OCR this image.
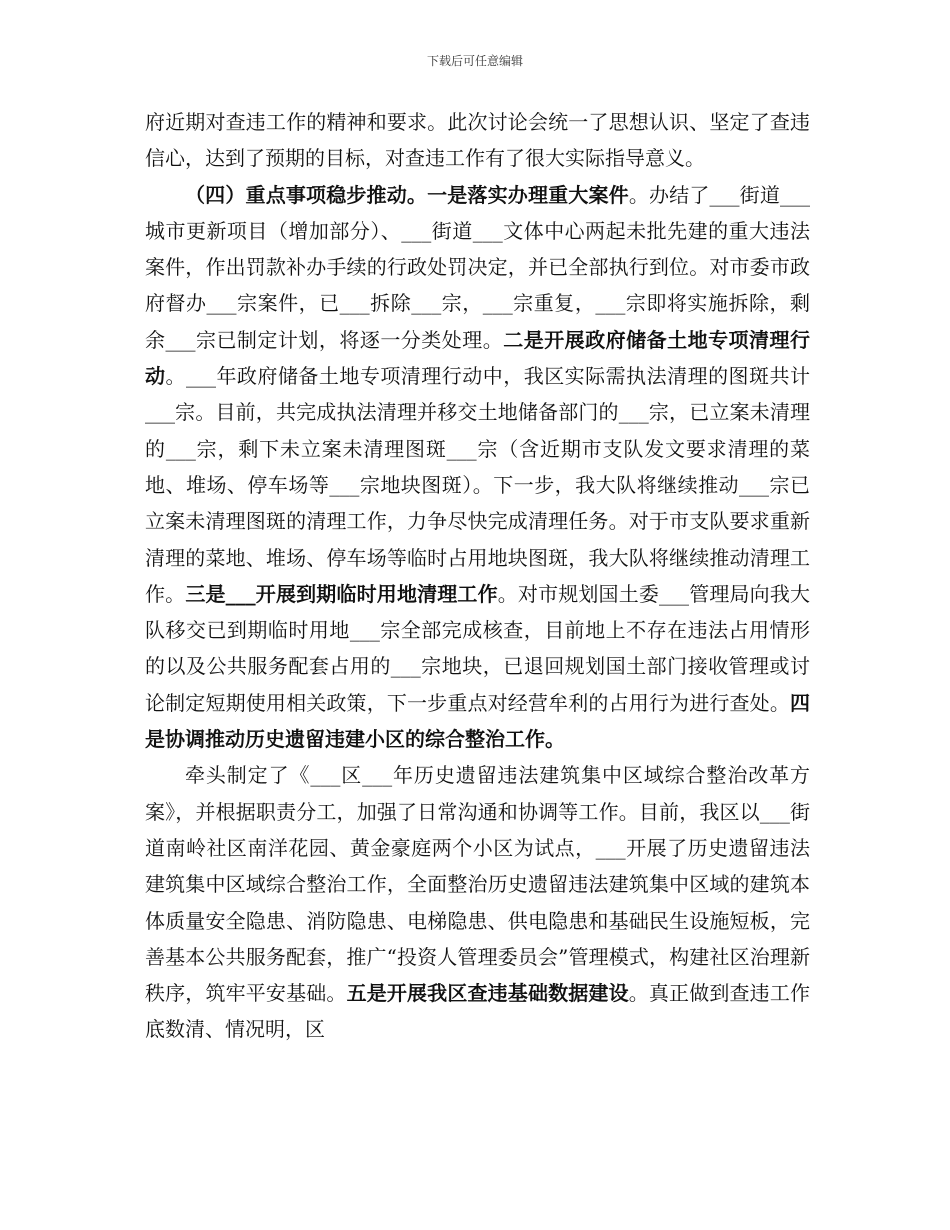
下载后可任意编辑

府近期对查违工作的精神和要求。此次讨论会统一了思想认识、坚定了查违信心，达到了预期的目标，对查违工作有了很大实际指导意义。

（四）重点事项稳步推动。一是落实办理重大案件。办结了___街道___城市更新项目（增加部分）、___街道___文体中心两起未批先建的重大违法案件，作出罚款补办手续的行政处罚决定，并已全部执行到位。对市委市政府督办___宗案件，已___拆除___宗，___宗重复，___宗即将实施拆除，剩余___宗已制定计划，将逐一分类处理。二是开展政府储备土地专项清理行动。___年政府储备土地专项清理行动中，我区实际需执法清理的图斑共计___宗。目前，共完成执法清理并移交土地储备部门的___宗，已立案未清理的___宗，剩下未立案未清理图斑___宗（含近期市支队发文要求清理的菜地、堆场、停车场等___宗地块图斑）。下一步，我大队将继续推动___宗已立案未清理图斑的清理工作，力争尽快完成清理任务。对于市支队要求重新清理的菜地、堆场、停车场等临时占用地块图斑，我大队将继续推动清理工作。三是___开展到期临时用地清理工作。对市规划国土委___管理局向我大队移交已到期临时用地___宗全部完成核查，目前地上不存在违法占用情形的以及公共服务配套占用的___宗地块，已退回规划国土部门接收管理或讨论制定短期使用相关政策，下一步重点对经营牟利的占用行为进行查处。四是协调推动历史遗留违建小区的综合整治工作。

牵头制定了《___区___年历史遗留违法建筑集中区域综合整治改革方案》，并根据职责分工，加强了日常沟通和协调等工作。目前，我区以___街道南岭社区南洋花园、黄金豪庭两个小区为试点，___开展了历史遗留违法建筑集中区域综合整治工作，全面整治历史遗留违法建筑集中区域的建筑本体质量安全隐患、消防隐患、电梯隐患、供电隐患和基础民生设施短板，完善基本公共服务配套，推广“投资人管理委员会”管理模式，构建社区治理新秩序，筑牢平安基础。五是开展我区查违基础数据建设。真正做到查违工作底数清、情况明，区
